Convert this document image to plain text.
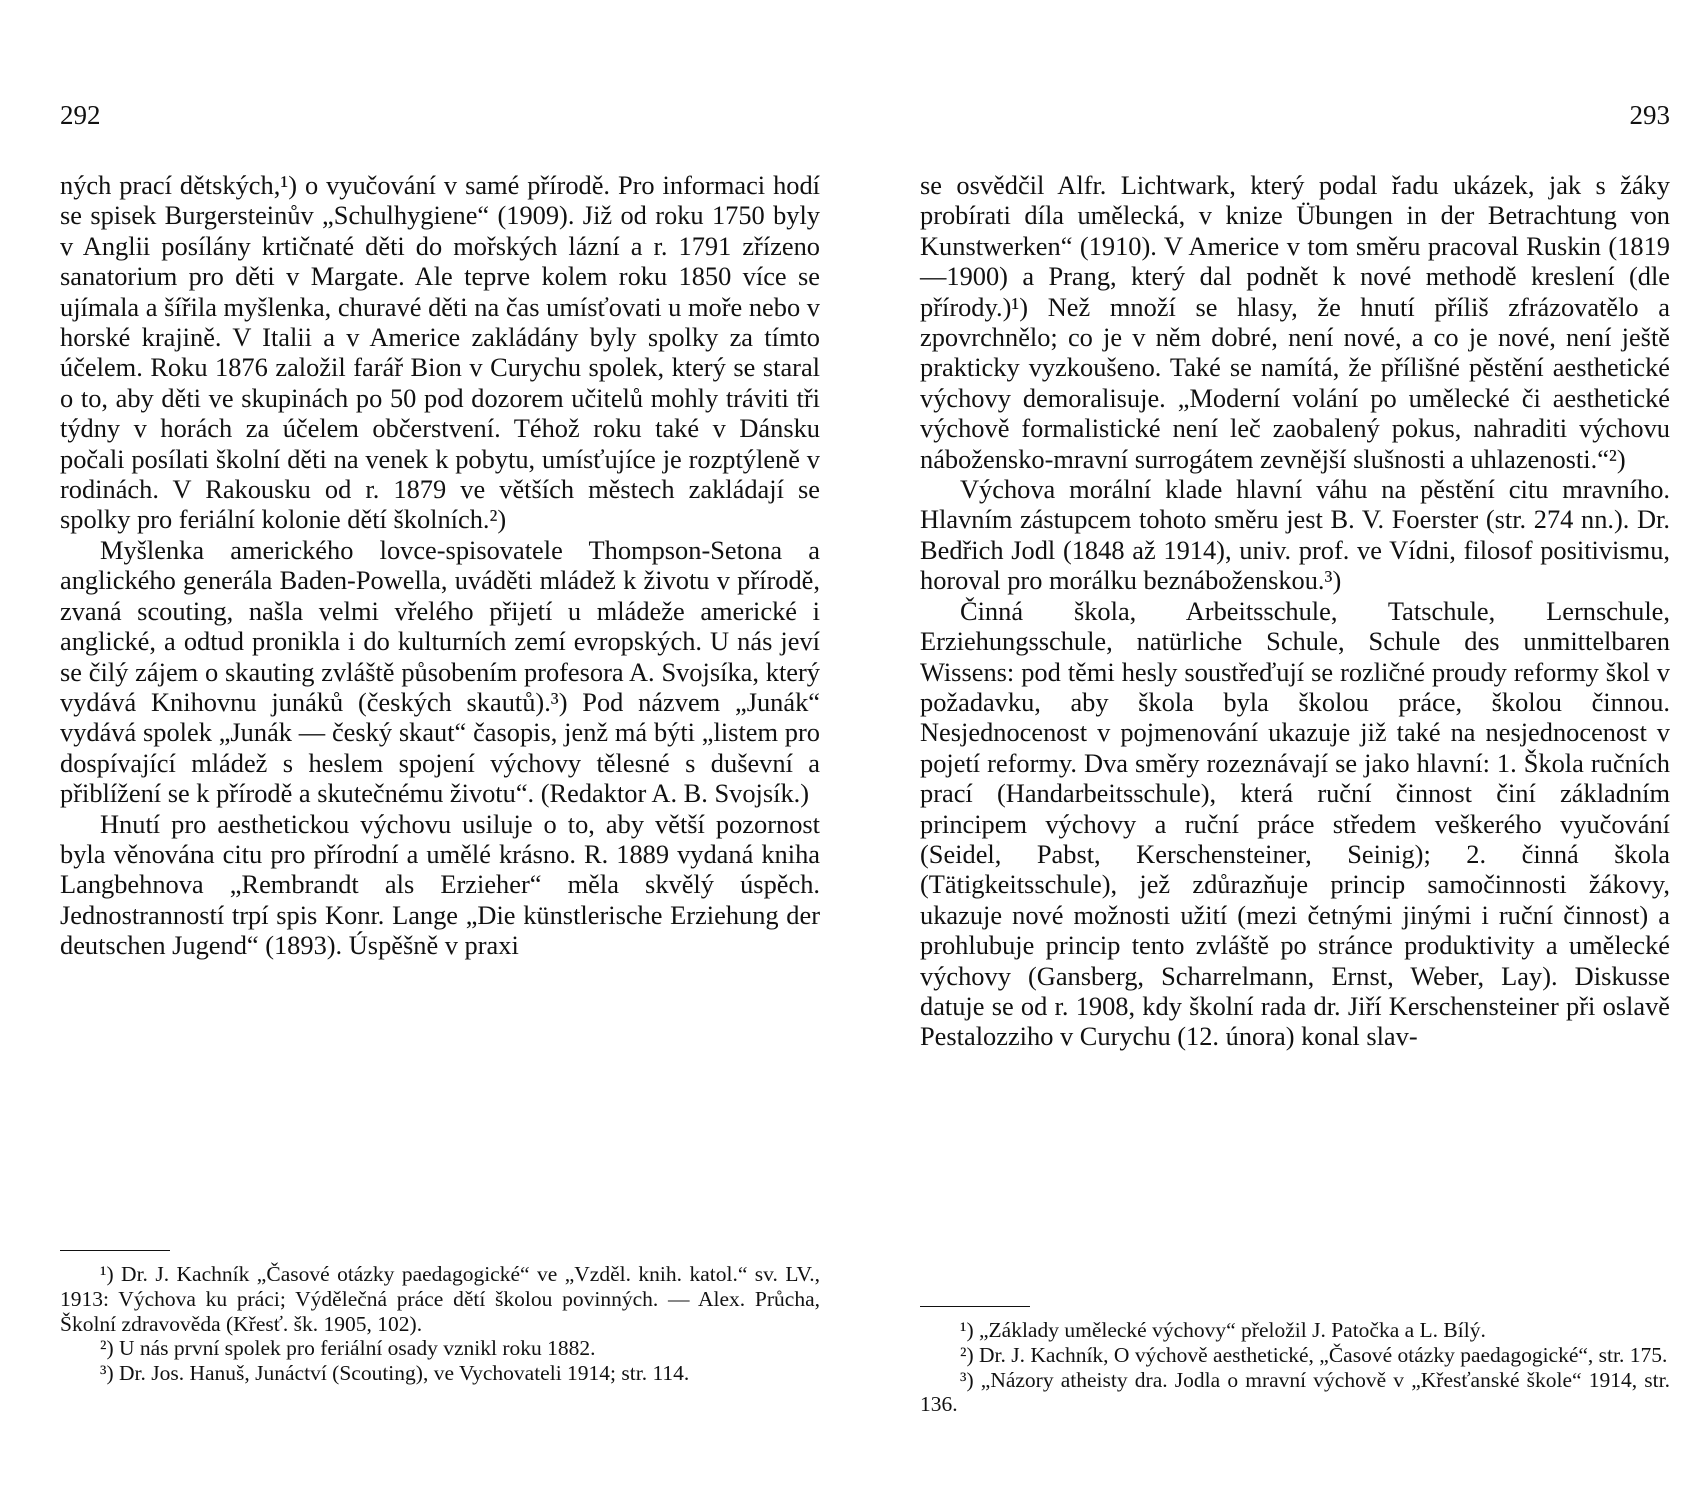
292

ných prací dětských,¹) o vyučování v samé přírodě. Pro informaci hodí se spisek Burgersteinův „Schulhygiene“ (1909). Již od roku 1750 byly v Anglii posílány krtičnaté děti do mořských lázní a r. 1791 zřízeno sanatorium pro děti v Margate. Ale teprve kolem roku 1850 více se ujímala a šířila myšlenka, churavé děti na čas umísťovati u moře nebo v horské krajině. V Italii a v Americe zakládány byly spolky za tímto účelem. Roku 1876 založil farář Bion v Curychu spolek, který se staral o to, aby děti ve skupinách po 50 pod dozorem učitelů mohly tráviti tři týdny v horách za účelem občerstvení. Téhož roku také v Dánsku počali posílati školní děti na venek k pobytu, umísťujíce je rozptýleně v rodinách. V Rakousku od r. 1879 ve větších městech zakládají se spolky pro feriální kolonie dětí školních.²)

Myšlenka amerického lovce-spisovatele Thompson-Setona a anglického generála Baden-Powella, uváděti mládež k životu v přírodě, zvaná scouting, našla velmi vřelého přijetí u mládeže americké i anglické, a odtud pronikla i do kulturních zemí evropských. U nás jeví se čilý zájem o skauting zvláště působením profesora A. Svojsíka, který vydává Knihovnu junáků (českých skautů).³) Pod názvem „Junák“ vydává spolek „Junák — český skaut“ časopis, jenž má býti „listem pro dospívající mládež s heslem spojení výchovy tělesné s duševní a přiblížení se k přírodě a skutečnému životu“. (Redaktor A. B. Svojsík.)

Hnutí pro aesthetickou výchovu usiluje o to, aby větší pozornost byla věnována citu pro přírodní a umělé krásno. R. 1889 vydaná kniha Langbehnova „Rembrandt als Erzieher“ měla skvělý úspěch. Jednostranností trpí spis Konr. Lange „Die künstlerische Erziehung der deutschen Jugend“ (1893). Úspěšně v praxi

¹) Dr. J. Kachník „Časové otázky paedagogické“ ve „Vzděl. knih. katol.“ sv. LV., 1913: Výchova ku práci; Výdělečná práce dětí školou povinných. — Alex. Průcha, Školní zdravověda (Křesť. šk. 1905, 102).

²) U nás první spolek pro feriální osady vznikl roku 1882.

³) Dr. Jos. Hanuš, Junáctví (Scouting), ve Vychovateli 1914; str. 114.

293

se osvědčil Alfr. Lichtwark, který podal řadu ukázek, jak s žáky probírati díla umělecká, v knize Übungen in der Betrachtung von Kunstwerken“ (1910). V Americe v tom směru pracoval Ruskin (1819—1900) a Prang, který dal podnět k nové methodě kreslení (dle přírody.)¹) Než množí se hlasy, že hnutí příliš zfrázovatělo a zpovrchnělo; co je v něm dobré, není nové, a co je nové, není ještě prakticky vyzkoušeno. Také se namítá, že přílišné pěstění aesthetické výchovy demoralisuje. „Moderní volání po umělecké či aesthetické výchově formalistické není leč zaobalený pokus, nahraditi výchovu nábožensko-mravní surrogátem zevnější slušnosti a uhlazenosti.“²)

Výchova morální klade hlavní váhu na pěstění citu mravního. Hlavním zástupcem tohoto směru jest B. V. Foerster (str. 274 nn.). Dr. Bedřich Jodl (1848 až 1914), univ. prof. ve Vídni, filosof positivismu, horoval pro morálku beznáboženskou.³)

Činná škola, Arbeitsschule, Tatschule, Lernschule, Erziehungsschule, natürliche Schule, Schule des unmittelbaren Wissens: pod těmi hesly soustřeďují se rozličné proudy reformy škol v požadavku, aby škola byla školou práce, školou činnou. Nesjednocenost v pojmenování ukazuje již také na nesjednocenost v pojetí reformy. Dva směry rozeznávají se jako hlavní: 1. Škola ručních prací (Handarbeitsschule), která ruční činnost činí základním principem výchovy a ruční práce středem veškerého vyučování (Seidel, Pabst, Kerschensteiner, Seinig); 2. činná škola (Tätigkeitsschule), jež zdůrazňuje princip samočinnosti žákovy, ukazuje nové možnosti užití (mezi četnými jinými i ruční činnost) a prohlubuje princip tento zvláště po stránce produktivity a umělecké výchovy (Gansberg, Scharrelmann, Ernst, Weber, Lay). Diskusse datuje se od r. 1908, kdy školní rada dr. Jiří Kerschensteiner při oslavě Pestalozziho v Curychu (12. února) konal slav-

¹) „Základy umělecké výchovy“ přeložil J. Patočka a L. Bílý.

²) Dr. J. Kachník, O výchově aesthetické, „Časové otázky paedagogické“, str. 175.

³) „Názory atheisty dra. Jodla o mravní výchově v „Křesťanské škole“ 1914, str. 136.
